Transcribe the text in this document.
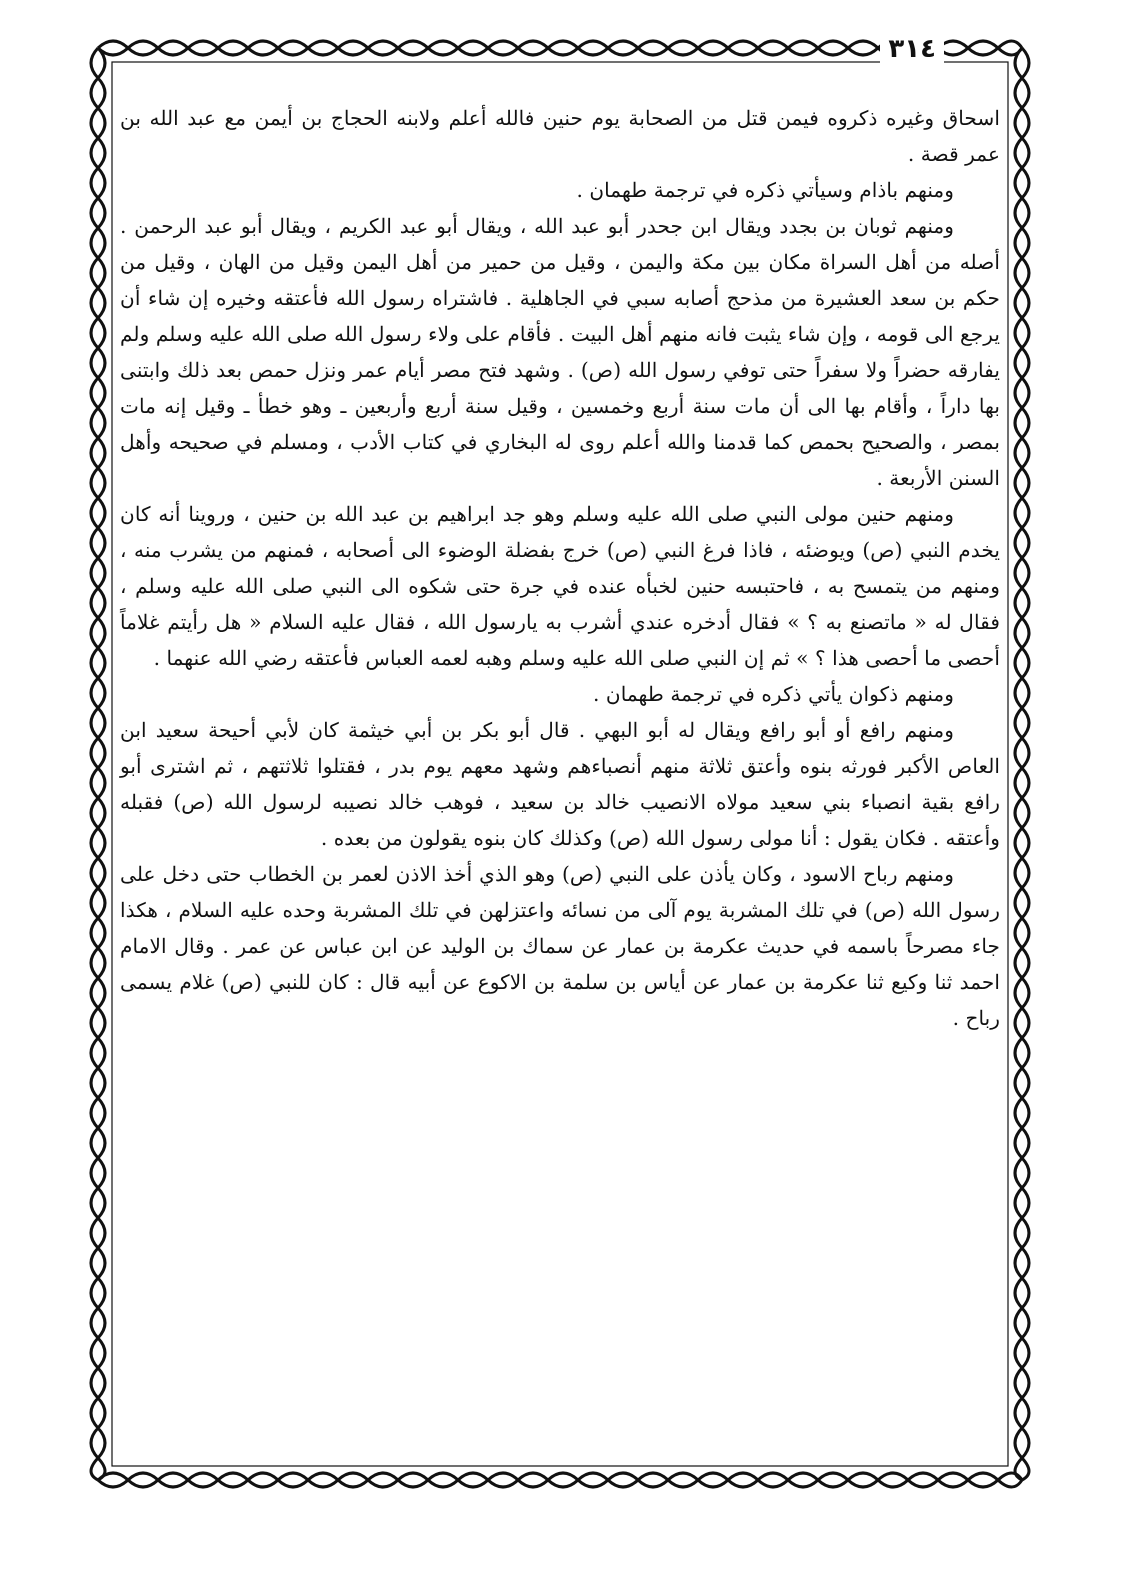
٣١٤

اسحاق وغيره ذكروه فيمن قتل من الصحابة يوم حنين فالله أعلم ولابنه الحجاج بن أيمن مع عبد الله بن عمر قصة .

ومنهم باذام وسيأتي ذكره في ترجمة طهمان .

ومنهم ثوبان بن بجدد ويقال ابن جحدر أبو عبد الله ، ويقال أبو عبد الكريم ، ويقال أبو عبد الرحمن . أصله من أهل السراة مكان بين مكة واليمن ، وقيل من حمير من أهل اليمن وقيل من الهان ، وقيل من حكم بن سعد العشيرة من مذحج أصابه سبي في الجاهلية . فاشتراه رسول الله فأعتقه وخيره إن شاء أن يرجع الى قومه ، وإن شاء يثبت فانه منهم أهل البيت . فأقام على ولاء رسول الله صلى الله عليه وسلم ولم يفارقه حضراً ولا سفراً حتى توفي رسول الله (ص) . وشهد فتح مصر أيام عمر ونزل حمص بعد ذلك وابتنى بها داراً ، وأقام بها الى أن مات سنة أربع وخمسين ، وقيل سنة أربع وأربعين ـ وهو خطأ ـ وقيل إنه مات بمصر ، والصحيح بحمص كما قدمنا والله أعلم روى له البخاري في كتاب الأدب ، ومسلم في صحيحه وأهل السنن الأربعة .

ومنهم حنين مولى النبي صلى الله عليه وسلم وهو جد ابراهيم بن عبد الله بن حنين ، وروينا أنه كان يخدم النبي (ص) ويوضئه ، فاذا فرغ النبي (ص) خرج بفضلة الوضوء الى أصحابه ، فمنهم من يشرب منه ، ومنهم من يتمسح به ، فاحتبسه حنين لخبأه عنده في جرة حتى شكوه الى النبي صلى الله عليه وسلم ، فقال له « ماتصنع به ؟ » فقال أدخره عندي أشرب به يارسول الله ، فقال عليه السلام « هل رأيتم غلاماً أحصى ما أحصى هذا ؟ » ثم إن النبي صلى الله عليه وسلم وهبه لعمه العباس فأعتقه رضي الله عنهما .

ومنهم ذكوان يأتي ذكره في ترجمة طهمان .

ومنهم رافع أو أبو رافع ويقال له أبو البهي . قال أبو بكر بن أبي خيثمة كان لأبي أحيحة سعيد ابن العاص الأكبر فورثه بنوه وأعتق ثلاثة منهم أنصباءهم وشهد معهم يوم بدر ، فقتلوا ثلاثتهم ، ثم اشترى أبو رافع بقية انصباء بني سعيد مولاه الانصيب خالد بن سعيد ، فوهب خالد نصيبه لرسول الله (ص) فقبله وأعتقه . فكان يقول : أنا مولى رسول الله (ص) وكذلك كان بنوه يقولون من بعده .

ومنهم رباح الاسود ، وكان يأذن على النبي (ص) وهو الذي أخذ الاذن لعمر بن الخطاب حتى دخل على رسول الله (ص) في تلك المشربة يوم آلى من نسائه واعتزلهن في تلك المشربة وحده عليه السلام ، هكذا جاء مصرحاً باسمه في حديث عكرمة بن عمار عن سماك بن الوليد عن ابن عباس عن عمر . وقال الامام احمد ثنا وكيع ثنا عكرمة بن عمار عن أياس بن سلمة بن الاكوع عن أبيه قال : كان للنبي (ص) غلام يسمى رباح .
